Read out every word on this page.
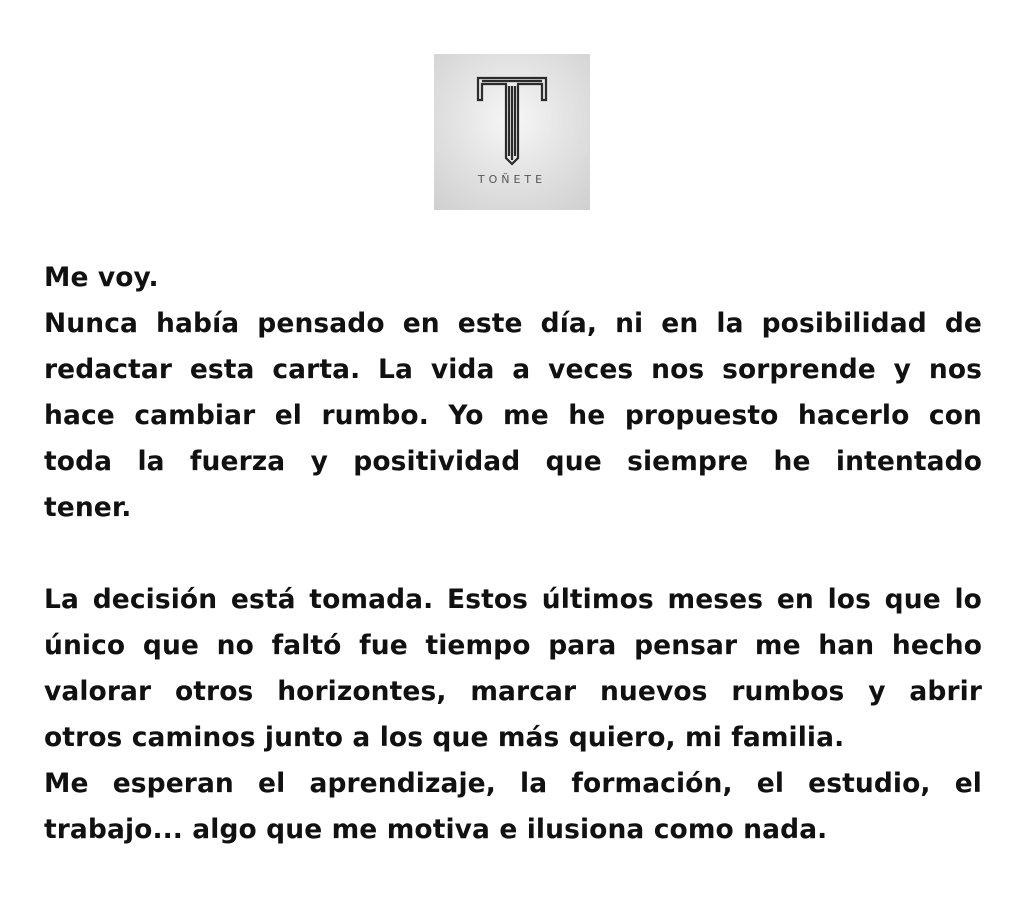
TOÑETE

Me voy.

Nunca había pensado en este día, ni en la posibilidad de
redactar esta carta. La vida a veces nos sorprende y nos
hace cambiar el rumbo. Yo me he propuesto hacerlo con
toda la fuerza y positividad que siempre he intentado
tener.

La decisión está tomada. Estos últimos meses en los que lo
único que no faltó fue tiempo para pensar me han hecho
valorar otros horizontes, marcar nuevos rumbos y abrir
otros caminos junto a los que más quiero, mi familia.

Me esperan el aprendizaje, la formación, el estudio, el
trabajo... algo que me motiva e ilusiona como nada.
